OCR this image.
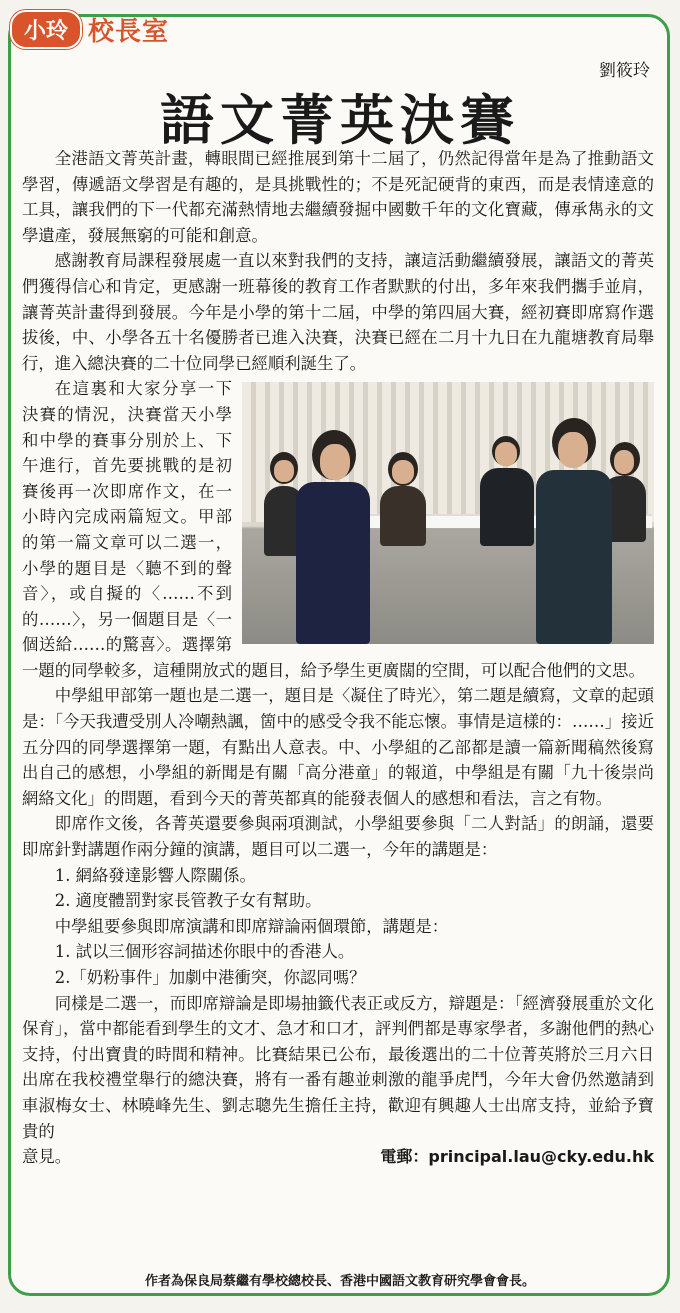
小玲 校長室
劉筱玲
語文菁英決賽

全港語文菁英計畫，轉眼間已經推展到第十二屆了，仍然記得當年是為了推動語文學習，傳遞語文學習是有趣的，是具挑戰性的；不是死記硬背的東西，而是表情達意的工具，讓我們的下一代都充滿熱情地去繼續發掘中國數千年的文化寶藏，傳承雋永的文學遺產，發展無窮的可能和創意。

感謝教育局課程發展處一直以來對我們的支持，讓這活動繼續發展，讓語文的菁英們獲得信心和肯定，更感謝一班幕後的教育工作者默默的付出，多年來我們攜手並肩，讓菁英計畫得到發展。今年是小學的第十二屆，中學的第四屆大賽，經初賽即席寫作選拔後，中、小學各五十名優勝者已進入決賽，決賽已經在二月十九日在九龍塘教育局舉行，進入總決賽的二十位同學已經順利誕生了。

在這裏和大家分享一下決賽的情況，決賽當天小學和中學的賽事分別於上、下午進行，首先要挑戰的是初賽後再一次即席作文，在一小時內完成兩篇短文。甲部的第一篇文章可以二選一，小學的題目是〈聽不到的聲音〉，或自擬的〈……不到的……〉，另一個題目是〈一個送給……的驚喜〉。選擇第一題的同學較多，這種開放式的題目，給予學生更廣闊的空間，可以配合他們的文思。

中學組甲部第一題也是二選一，題目是〈凝住了時光〉，第二題是續寫，文章的起頭是：「今天我遭受別人冷嘲熱諷，箇中的感受令我不能忘懷。事情是這樣的：……」接近五分四的同學選擇第一題，有點出人意表。中、小學組的乙部都是讀一篇新聞稿然後寫出自己的感想，小學組的新聞是有關「高分港童」的報道，中學組是有關「九十後崇尚網絡文化」的問題，看到今天的菁英都真的能發表個人的感想和看法，言之有物。

即席作文後，各菁英還要參與兩項測試，小學組要參與「二人對話」的朗誦，還要即席針對講題作兩分鐘的演講，題目可以二選一，今年的講題是：

1. 網絡發達影響人際關係。

2. 適度體罰對家長管教子女有幫助。

中學組要參與即席演講和即席辯論兩個環節，講題是：

1. 試以三個形容詞描述你眼中的香港人。

2.「奶粉事件」加劇中港衝突，你認同嗎？

同樣是二選一，而即席辯論是即場抽籤代表正或反方，辯題是：「經濟發展重於文化保育」，當中都能看到學生的文才、急才和口才，評判們都是專家學者，多謝他們的熱心支持，付出寶貴的時間和精神。比賽結果已公布，最後選出的二十位菁英將於三月六日出席在我校禮堂舉行的總決賽，將有一番有趣並刺激的龍爭虎鬥，今年大會仍然邀請到車淑梅女士、林曉峰先生、劉志聰先生擔任主持，歡迎有興趣人士出席支持，並給予寶貴的

意見。	電郵：principal.lau@cky.edu.hk
作者為保良局蔡繼有學校總校長、香港中國語文教育研究學會會長。
